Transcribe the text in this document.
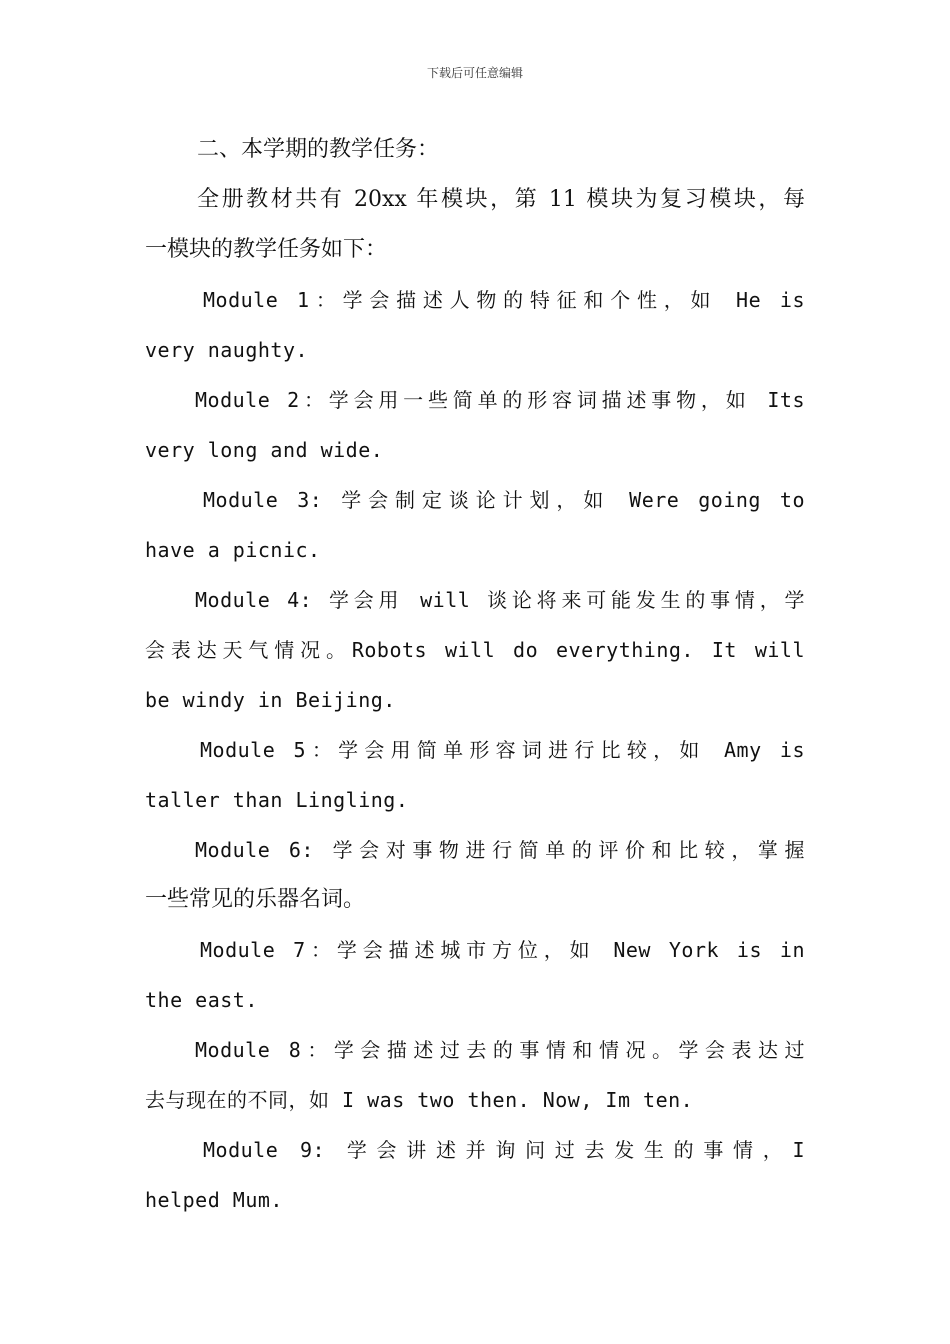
下载后可任意编辑
二、本学期的教学任务：
全册教材共有 20xx 年模块，第 11 模块为复习模块，每
一模块的教学任务如下：
Module 1：学会描述人物的特征和个性，如 He is
very naughty.
Module 2：学会用一些简单的形容词描述事物，如 Its
very long and wide.
Module 3: 学会制定谈论计划，如 Were going to
have a picnic.
Module 4: 学会用 will 谈论将来可能发生的事情，学
会表达天气情况。Robots will do everything. It will
be windy in Beijing.
Module 5：学会用简单形容词进行比较，如 Amy is
taller than Lingling.
Module 6: 学会对事物进行简单的评价和比较，掌握
一些常见的乐器名词。
Module 7：学会描述城市方位，如 New York is in
the east.
Module 8：学会描述过去的事情和情况。学会表达过
去与现在的不同，如 I was two then. Now, Im ten.
Module 9: 学会讲述并询问过去发生的事情，I
helped Mum.
